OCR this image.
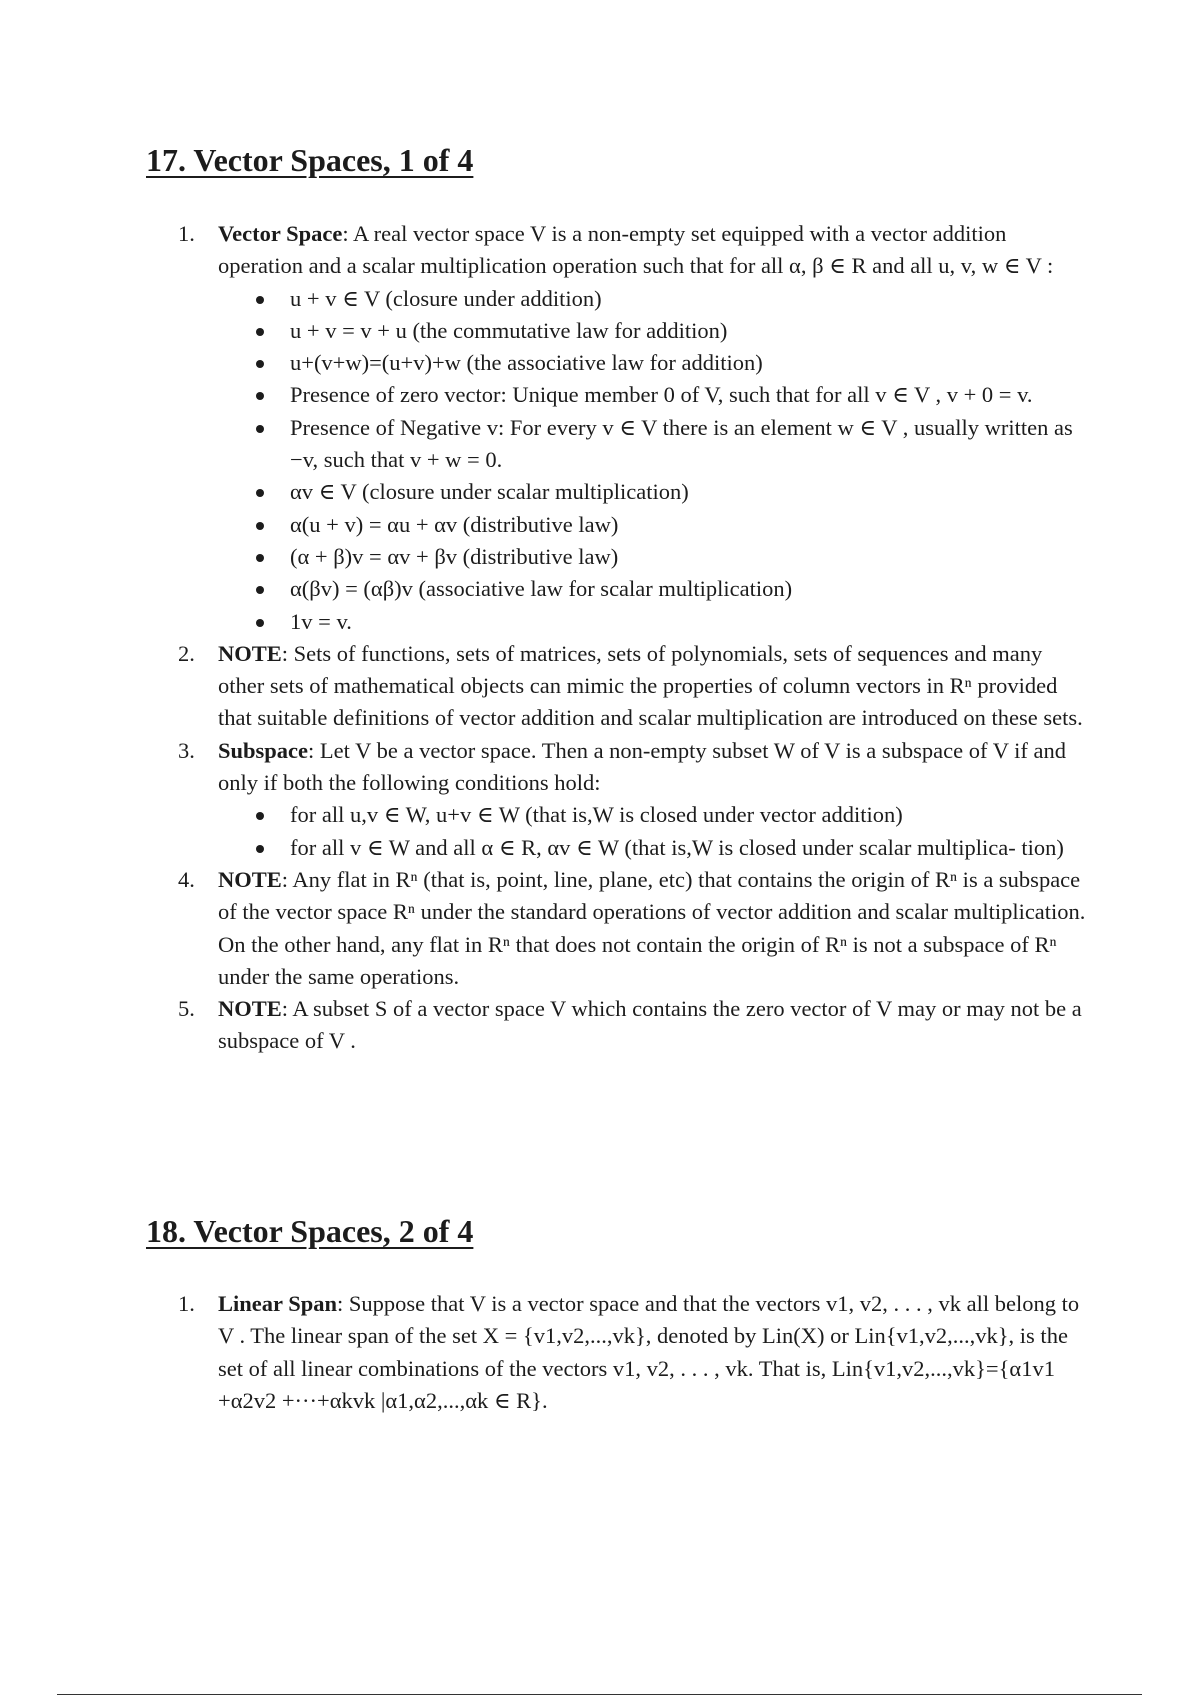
17. Vector Spaces, 1 of 4
1. Vector Space: A real vector space V is a non-empty set equipped with a vector addition operation and a scalar multiplication operation such that for all α, β ∈ R and all u, v, w ∈ V :
u + v ∈ V (closure under addition)
u + v = v + u (the commutative law for addition)
u+(v+w)=(u+v)+w (the associative law for addition)
Presence of zero vector: Unique member 0 of V, such that for all v ∈ V , v + 0 = v.
Presence of Negative v: For every v ∈ V there is an element w ∈ V , usually written as −v, such that v + w = 0.
αv ∈ V (closure under scalar multiplication)
α(u + v) = αu + αv (distributive law)
(α + β)v = αv + βv (distributive law)
α(βv) = (αβ)v (associative law for scalar multiplication)
1v = v.
2. NOTE: Sets of functions, sets of matrices, sets of polynomials, sets of sequences and many other sets of mathematical objects can mimic the properties of column vectors in Rⁿ provided that suitable definitions of vector addition and scalar multiplication are introduced on these sets.
3. Subspace: Let V be a vector space. Then a non-empty subset W of V is a subspace of V if and only if both the following conditions hold:
for all u,v ∈ W, u+v ∈ W (that is,W is closed under vector addition)
for all v ∈ W and all α ∈ R, αv ∈ W (that is,W is closed under scalar multiplica- tion)
4. NOTE: Any flat in Rⁿ (that is, point, line, plane, etc) that contains the origin of Rⁿ is a subspace of the vector space Rⁿ under the standard operations of vector addition and scalar multiplication. On the other hand, any flat in Rⁿ that does not contain the origin of Rⁿ is not a subspace of Rⁿ under the same operations.
5. NOTE: A subset S of a vector space V which contains the zero vector of V may or may not be a subspace of V .
18. Vector Spaces, 2 of 4
1. Linear Span: Suppose that V is a vector space and that the vectors v1, v2, . . . , vk all belong to V . The linear span of the set X = {v1,v2,...,vk}, denoted by Lin(X) or Lin{v1,v2,...,vk}, is the set of all linear combinations of the vectors v1, v2, . . . , vk. That is, Lin{v1,v2,...,vk}={α1v1 +α2v2 +···+αkvk |α1,α2,...,αk ∈ R}.
